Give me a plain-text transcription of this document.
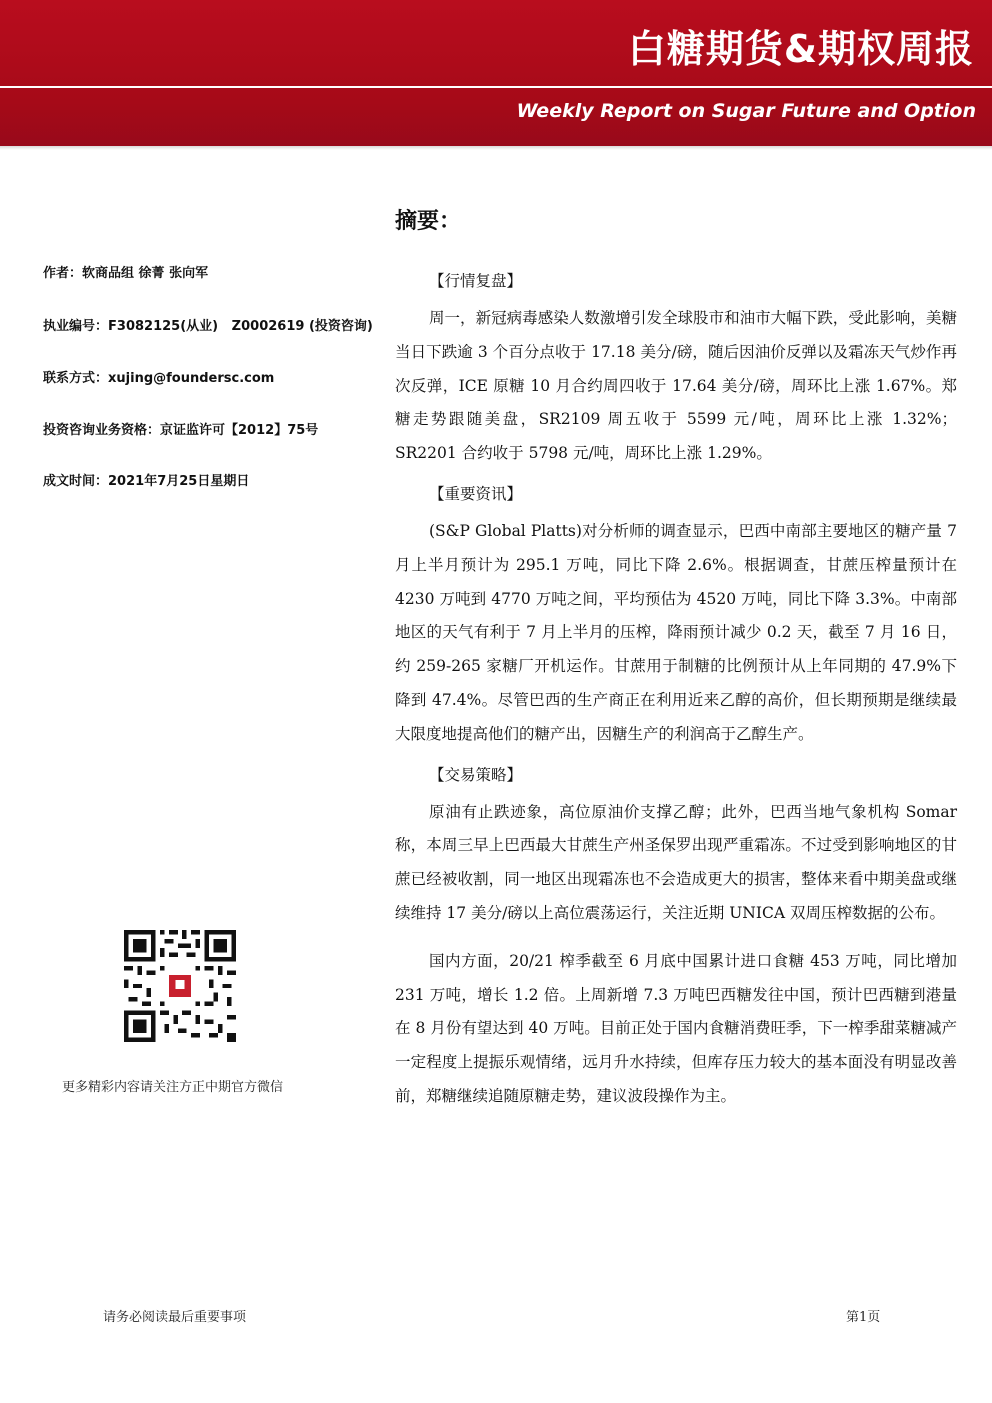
白糖期货&期权周报
Weekly Report on Sugar Future and Option
摘要：
作者：软商品组 徐菁 张向军
执业编号：F3082125(从业)   Z0002619 (投资咨询)
联系方式：xujing@foundersc.com
投资咨询业务资格：京证监许可【2012】75号
成文时间：2021年7月25日星期日
更多精彩内容请关注方正中期官方微信
【行情复盘】

周一，新冠病毒感染人数激增引发全球股市和油市大幅下跌，受此影响，美糖当日下跌逾 3 个百分点收于 17.18 美分/磅，随后因油价反弹以及霜冻天气炒作再次反弹，ICE 原糖 10 月合约周四收于 17.64 美分/磅，周环比上涨 1.67%。郑糖走势跟随美盘，SR2109 周五收于 5599 元/吨，周环比上涨 1.32%；SR2201 合约收于 5798 元/吨，周环比上涨 1.29%。

【重要资讯】

(S&P Global Platts)对分析师的调查显示，巴西中南部主要地区的糖产量 7 月上半月预计为 295.1 万吨，同比下降 2.6%。根据调查，甘蔗压榨量预计在 4230 万吨到 4770 万吨之间，平均预估为 4520 万吨，同比下降 3.3%。中南部地区的天气有利于 7 月上半月的压榨，降雨预计减少 0.2 天，截至 7 月 16 日，约 259-265 家糖厂开机运作。甘蔗用于制糖的比例预计从上年同期的 47.9%下降到 47.4%。尽管巴西的生产商正在利用近来乙醇的高价，但长期预期是继续最大限度地提高他们的糖产出，因糖生产的利润高于乙醇生产。

【交易策略】

原油有止跌迹象，高位原油价支撑乙醇；此外，巴西当地气象机构 Somar 称，本周三早上巴西最大甘蔗生产州圣保罗出现严重霜冻。不过受到影响地区的甘蔗已经被收割，同一地区出现霜冻也不会造成更大的损害，整体来看中期美盘或继续维持 17 美分/磅以上高位震荡运行，关注近期 UNICA 双周压榨数据的公布。

国内方面，20/21 榨季截至 6 月底中国累计进口食糖 453 万吨，同比增加 231 万吨，增长 1.2 倍。上周新增 7.3 万吨巴西糖发往中国，预计巴西糖到港量在 8 月份有望达到 40 万吨。目前正处于国内食糖消费旺季，下一榨季甜菜糖减产一定程度上提振乐观情绪，远月升水持续，但库存压力较大的基本面没有明显改善前，郑糖继续追随原糖走势，建议波段操作为主。

请务必阅读最后重要事项	第1页
